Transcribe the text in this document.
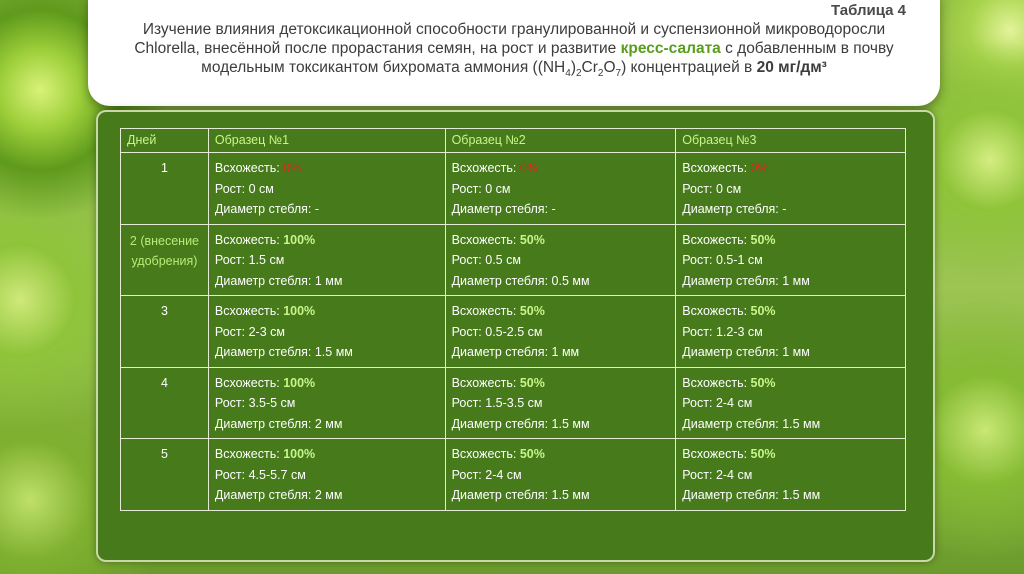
Таблица 4
Изучение влияния детоксикационной способности гранулированной и суспензионной микроводоросли Chlorella, внесённой после прорастания семян, на рост и развитие кресс-салата с добавленным в почву модельным токсикантом бихромата аммония $((NH_4)_2Cr_2O_7)$ концентрацией в 20 мг/дм³
Дней	Образец №1	Образец №2	Образец №3
1	Всхожесть: 0%
Рост: 0 см
Диаметр стебля: -	Всхожесть: 0%
Рост: 0 см
Диаметр стебля: -	Всхожесть: 0%
Рост: 0 см
Диаметр стебля: -

2 (внесение удобрения)	Всхожесть: 100%
Рост: 1.5 см
Диаметр стебля: 1 мм	Всхожесть: 50%
Рост: 0.5 см
Диаметр стебля: 0.5 мм	Всхожесть: 50%
Рост: 0.5-1 см
Диаметр стебля: 1 мм

3	Всхожесть: 100%
Рост: 2-3 см
Диаметр стебля: 1.5 мм	Всхожесть: 50%
Рост: 0.5-2.5 см
Диаметр стебля: 1 мм	Всхожесть: 50%
Рост: 1.2-3 см
Диаметр стебля: 1 мм

4	Всхожесть: 100%
Рост: 3.5-5 см
Диаметр стебля: 2 мм	Всхожесть: 50%
Рост: 1.5-3.5 см
Диаметр стебля: 1.5 мм	Всхожесть: 50%
Рост: 2-4 см
Диаметр стебля: 1.5 мм

5	Всхожесть: 100%
Рост: 4.5-5.7 см
Диаметр стебля: 2 мм	Всхожесть: 50%
Рост: 2-4 см
Диаметр стебля: 1.5 мм	Всхожесть: 50%
Рост: 2-4 см
Диаметр стебля: 1.5 мм
